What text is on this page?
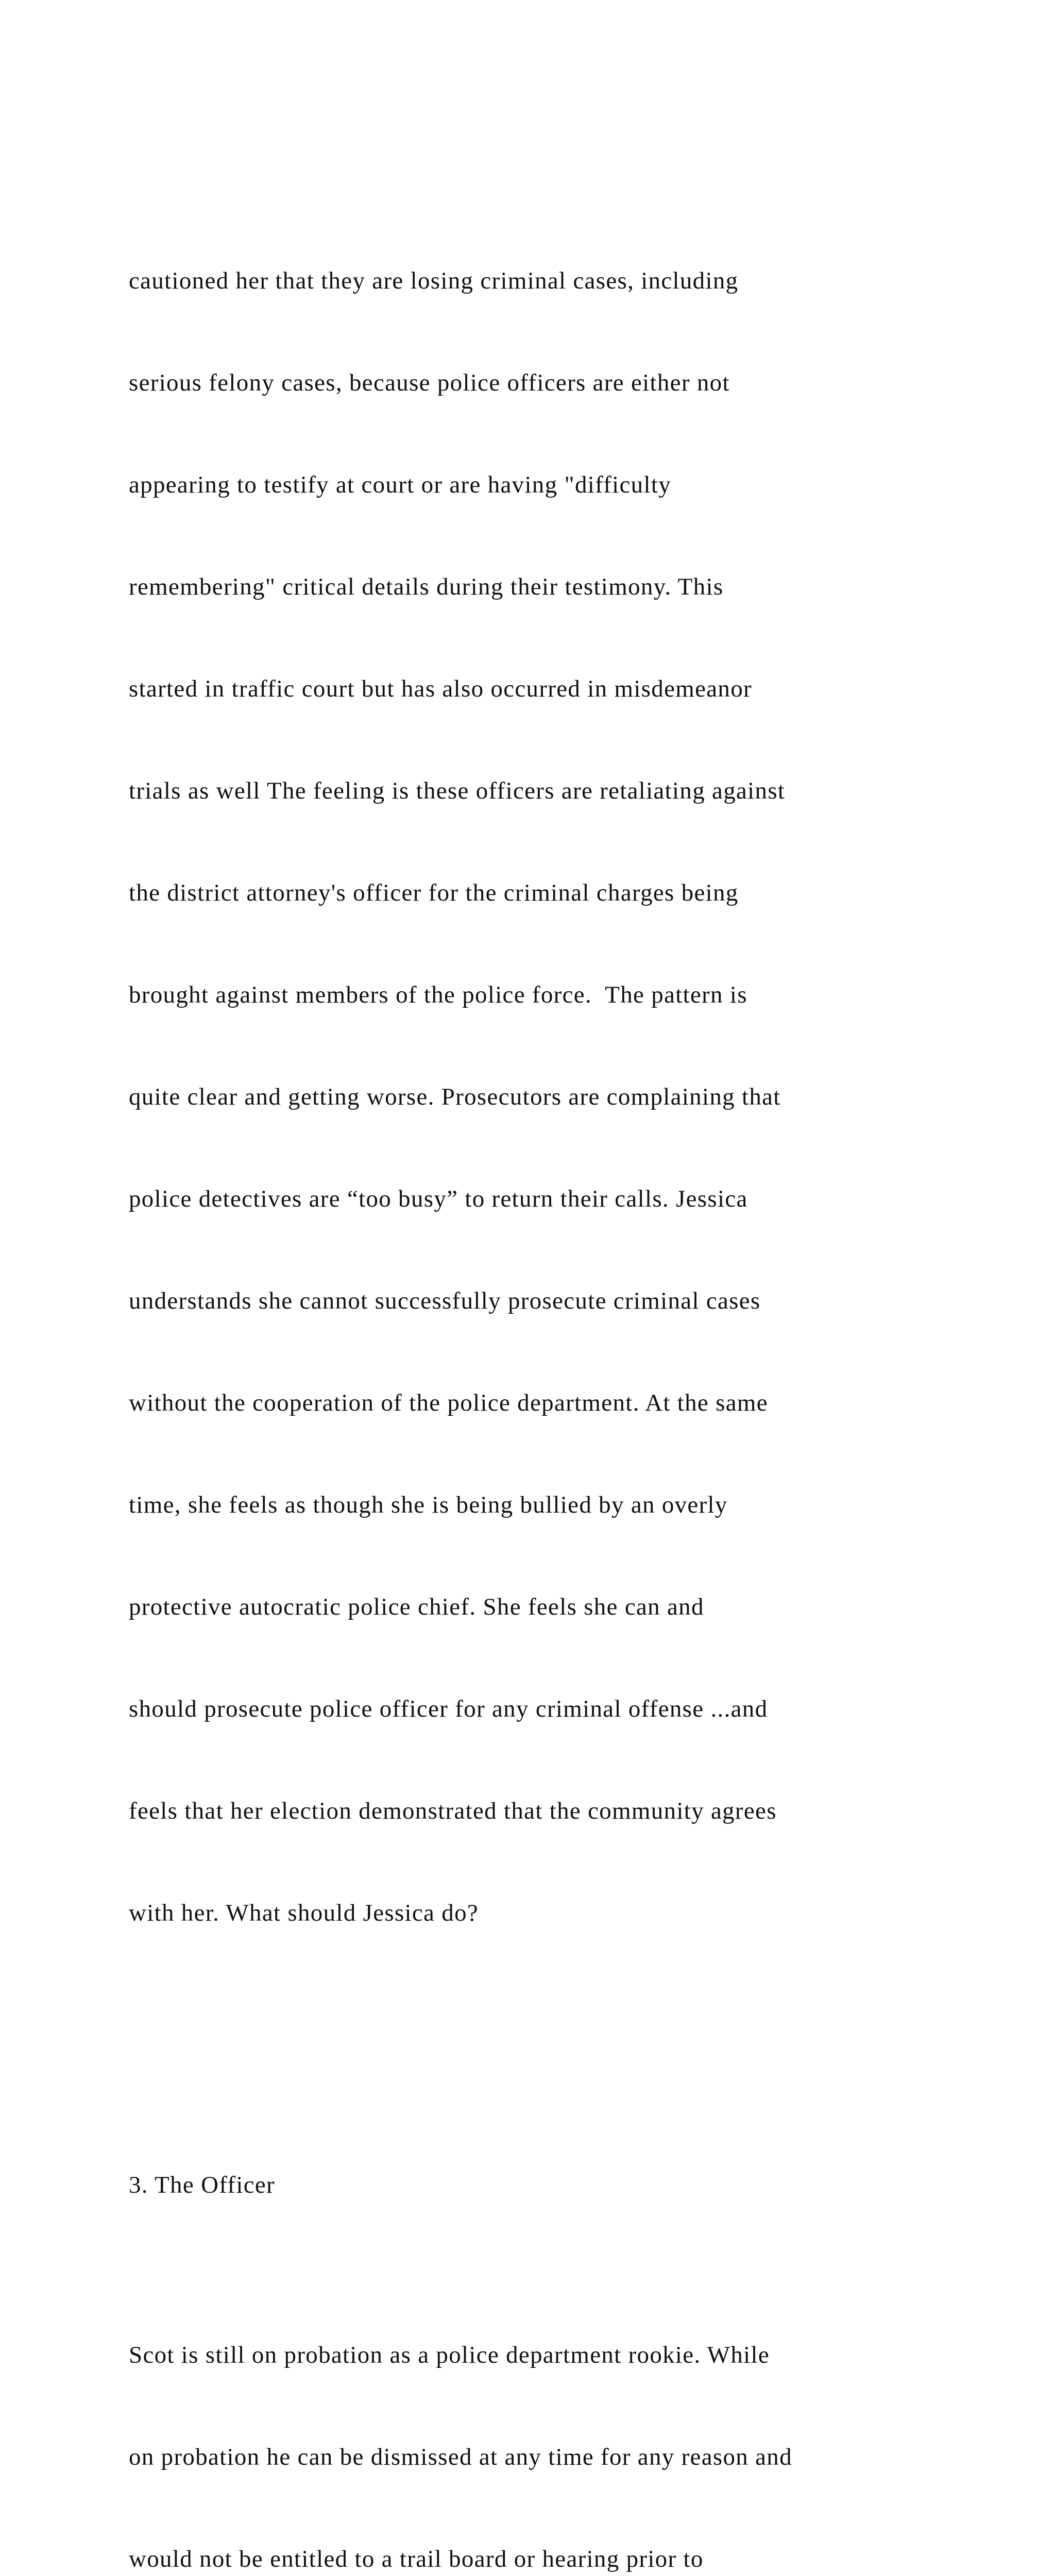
cautioned her that they are losing criminal cases, including

serious felony cases, because police officers are either not

appearing to testify at court or are having "difficulty

remembering" critical details during their testimony. This

started in traffic court but has also occurred in misdemeanor

trials as well The feeling is these officers are retaliating against

the district attorney's officer for the criminal charges being

brought against members of the police force.  The pattern is

quite clear and getting worse. Prosecutors are complaining that

police detectives are “too busy” to return their calls. Jessica

understands she cannot successfully prosecute criminal cases

without the cooperation of the police department. At the same

time, she feels as though she is being bullied by an overly

protective autocratic police chief. She feels she can and

should prosecute police officer for any criminal offense ...and

feels that her election demonstrated that the community agrees

with her. What should Jessica do?

3. The Officer

Scot is still on probation as a police department rookie. While

on probation he can be dismissed at any time for any reason and

would not be entitled to a trail board or hearing prior to
